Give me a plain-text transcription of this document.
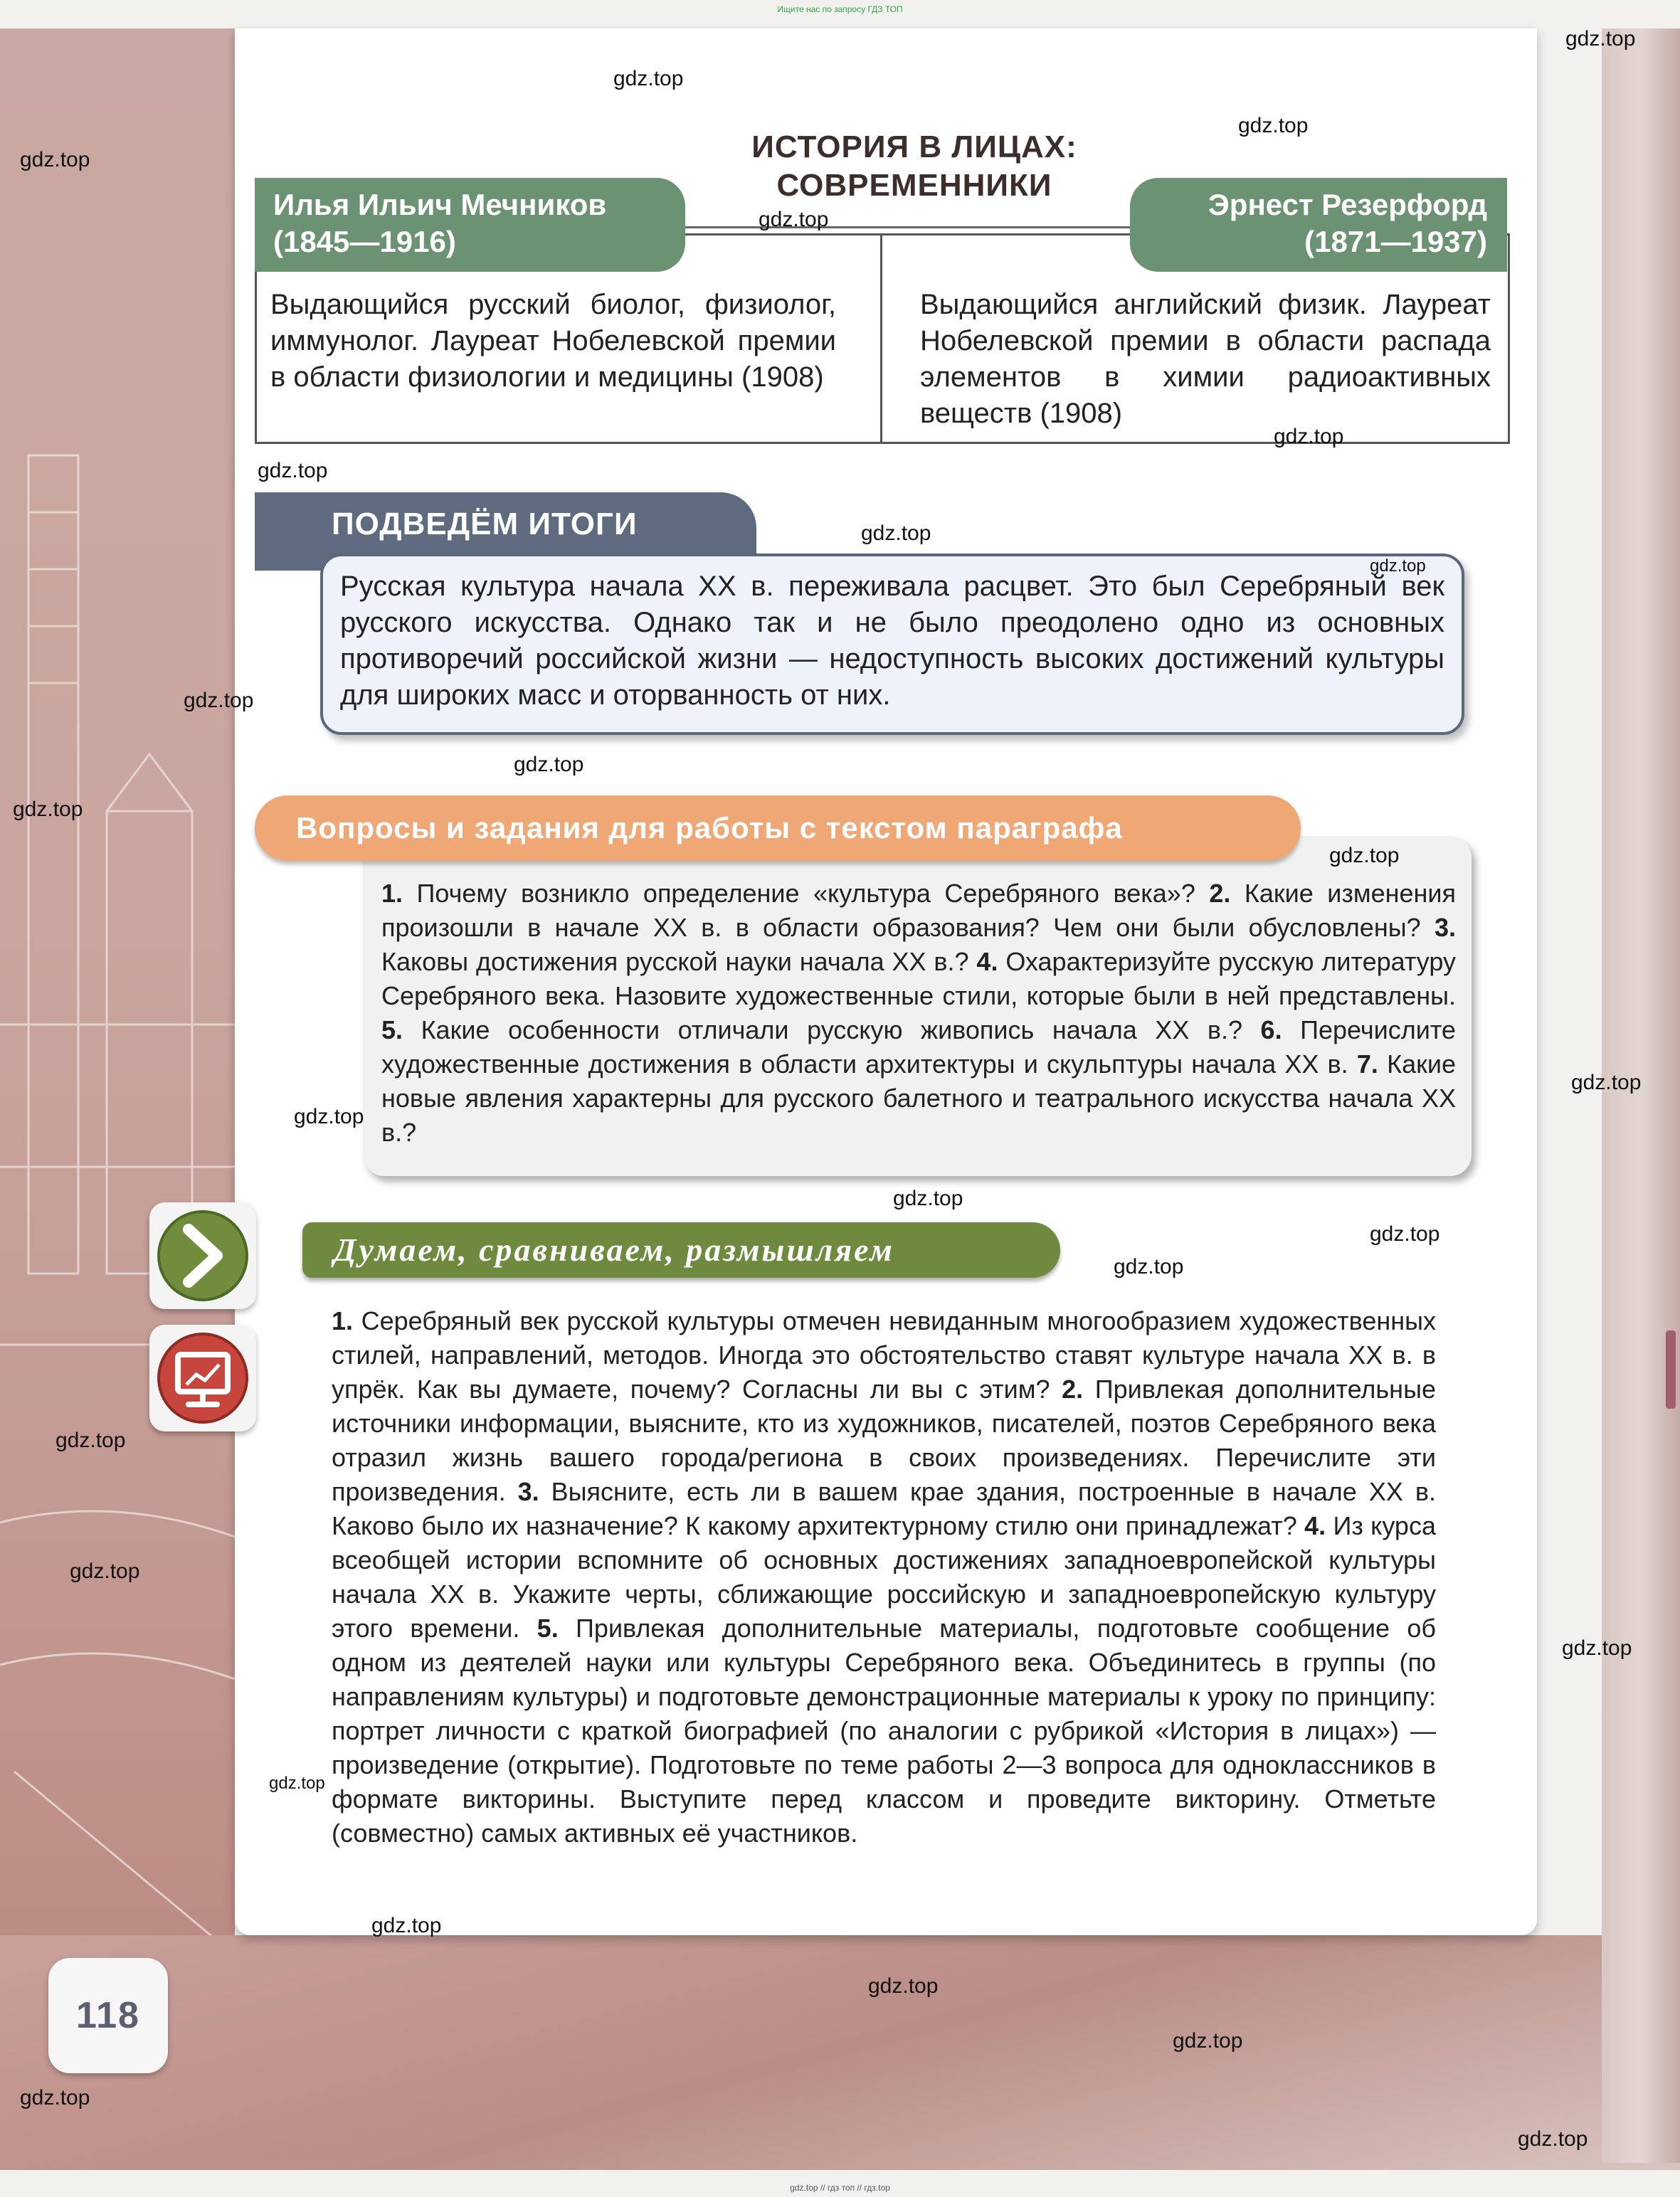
Ищите нас по запросу ГДЗ ТОП
ИСТОРИЯ В ЛИЦАХ:
СОВРЕМЕННИКИ
Илья Ильич Мечников
(1845—1916)
Эрнест Резерфорд
(1871—1937)
Выдающийся русский биолог, физиолог, иммунолог. Лауреат Нобелевской премии в области физиологии и медицины (1908)
Выдающийся английский физик. Лауреат Нобелевской премии в области распада элементов в химии радиоактивных веществ (1908)
ПОДВЕДЁМ ИТОГИ
Русская культура начала XX в. переживала расцвет. Это был Серебряный век русского искусства. Однако так и не было преодолено одно из основных противоречий российской жизни — недоступность высоких достижений культуры для широких масс и оторванность от них.
1. Почему возникло определение «культура Серебряного века»? 2. Какие изменения произошли в начале XX в. в области образования? Чем они были обусловлены? 3. Каковы достижения русской науки начала XX в.? 4. Охарактеризуйте русскую литературу Серебряного века. Назовите художественные стили, которые были в ней представлены. 5. Какие особенности отличали русскую живопись начала XX в.? 6. Перечислите художественные достижения в области архитектуры и скульптуры начала XX в. 7. Какие новые явления характерны для русского балетного и театрального искусства начала XX в.?
Вопросы и задания для работы с текстом параграфа
Думаем, сравниваем, размышляем
1. Серебряный век русской культуры отмечен невиданным многообразием художественных стилей, направлений, методов. Иногда это обстоятельство ставят культуре начала XX в. в упрёк. Как вы думаете, почему? Согласны ли вы с этим? 2. Привлекая дополнительные источники информации, выясните, кто из художников, писателей, поэтов Серебряного века отразил жизнь вашего города/региона в своих произведениях. Перечислите эти произведения. 3. Выясните, есть ли в вашем крае здания, построенные в начале XX в. Каково было их назначение? К какому архитектурному стилю они принадлежат? 4. Из курса всеобщей истории вспомните об основных достижениях западноевропейской культуры начала XX в. Укажите черты, сближающие российскую и западноевропейскую культуру этого времени. 5. Привлекая дополнительные материалы, подготовьте сообщение об одном из деятелей науки или культуры Серебряного века. Объединитесь в группы (по направлениям культуры) и подготовьте демонстрационные материалы к уроку по принципу: портрет личности с краткой биографией (по аналогии с рубрикой «История в лицах») — произведение (открытие). Подготовьте по теме работы 2—3 вопроса для одноклассников в формате викторины. Выступите перед классом и проведите викторину. Отметьте (совместно) самых активных её участников.
118
gdz.top
gdz.top
gdz.top
gdz.top
gdz.top
gdz.top
gdz.top
gdz.top
gdz.top
gdz.top
gdz.top
gdz.top
gdz.top
gdz.top
gdz.top
gdz.top
gdz.top
gdz.top
gdz.top
gdz.top
gdz.top
gdz.top
gdz.top
gdz.top
gdz.top
gdz.top
gdz.top
gdz.top // гдз топ // гдз.top
